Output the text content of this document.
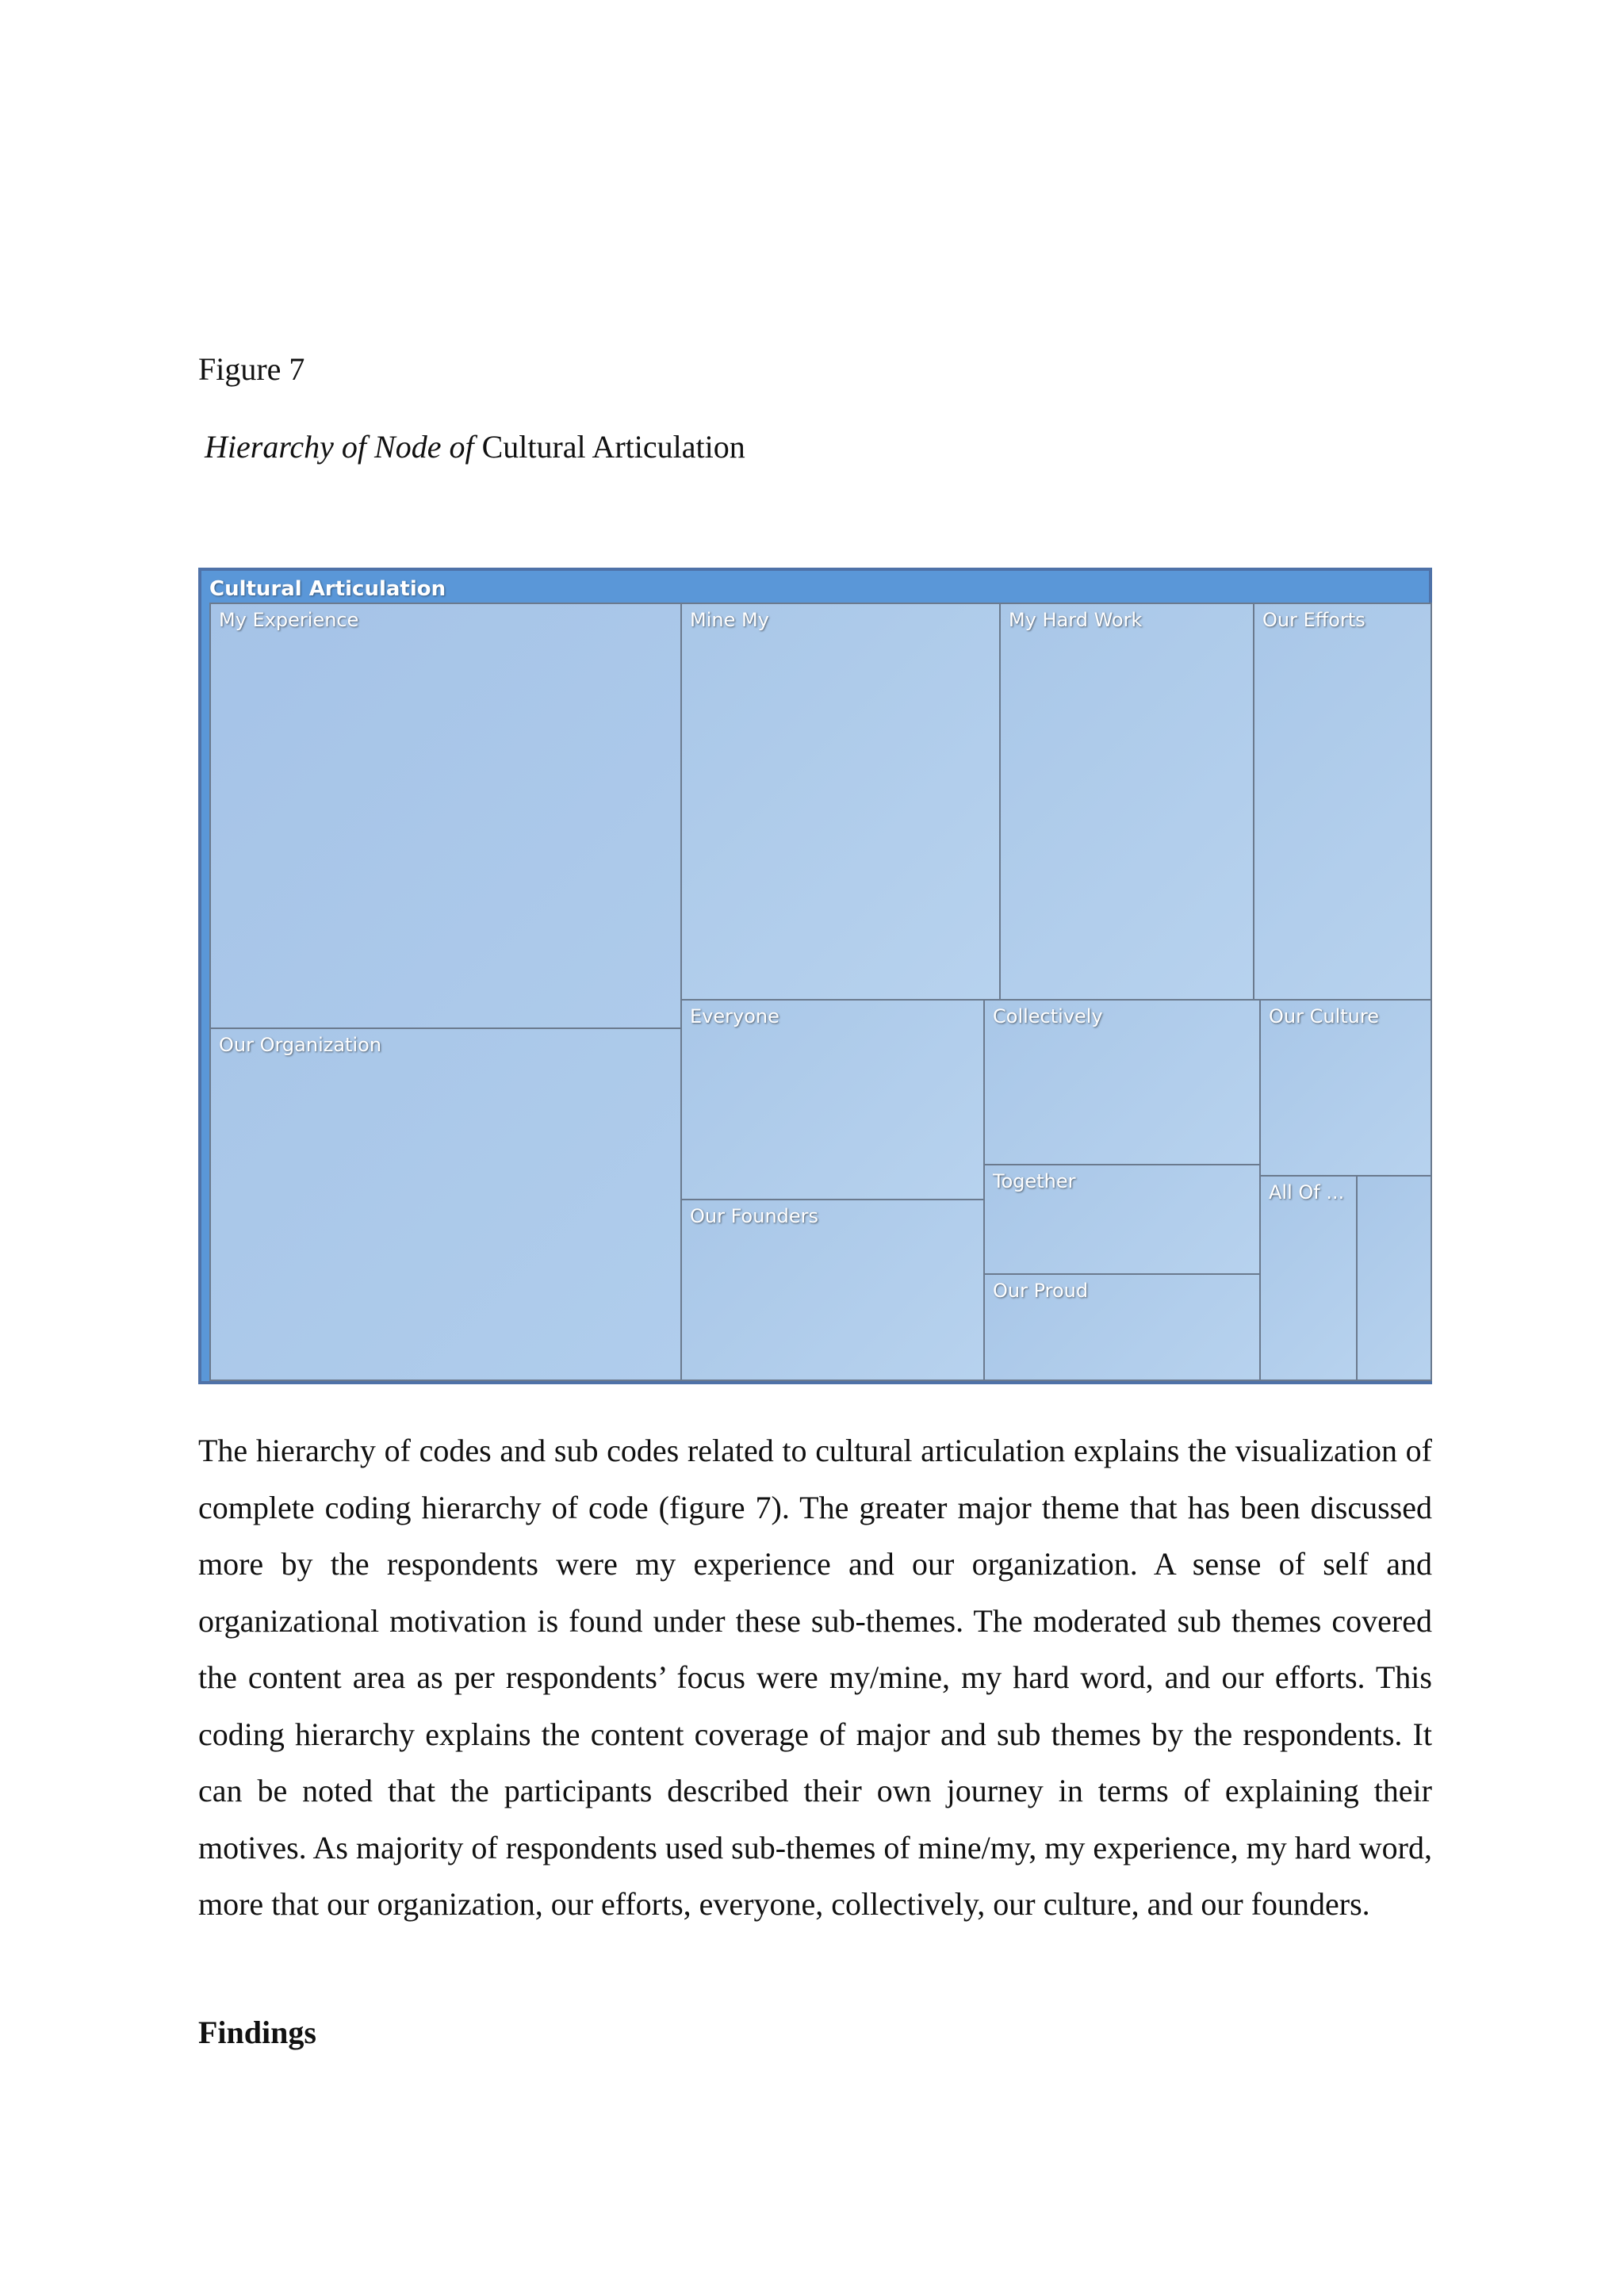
Figure 7
Hierarchy of Node of Cultural Articulation
Cultural Articulation
My Experience
Our Organization
Mine My	My Hard Work	Our Efforts
Everyone
Our Founders
Collectively
Together
Our Proud
Our Culture
All Of ...

The hierarchy of codes and sub codes related to cultural articulation explains the visualization of complete coding hierarchy of code (figure 7). The greater major theme that has been discussed more by the respondents were my experience and our organization. A sense of self and organizational motivation is found under these sub-themes. The moderated sub themes covered the content area as per respondents’ focus were my/mine, my hard word, and our efforts. This coding hierarchy explains the content coverage of major and sub themes by the respondents. It can be noted that the participants described their own journey in terms of explaining their motives. As majority of respondents used sub-themes of mine/my, my experience, my hard word, more that our organization, our efforts, everyone, collectively, our culture, and our founders.

Findings
